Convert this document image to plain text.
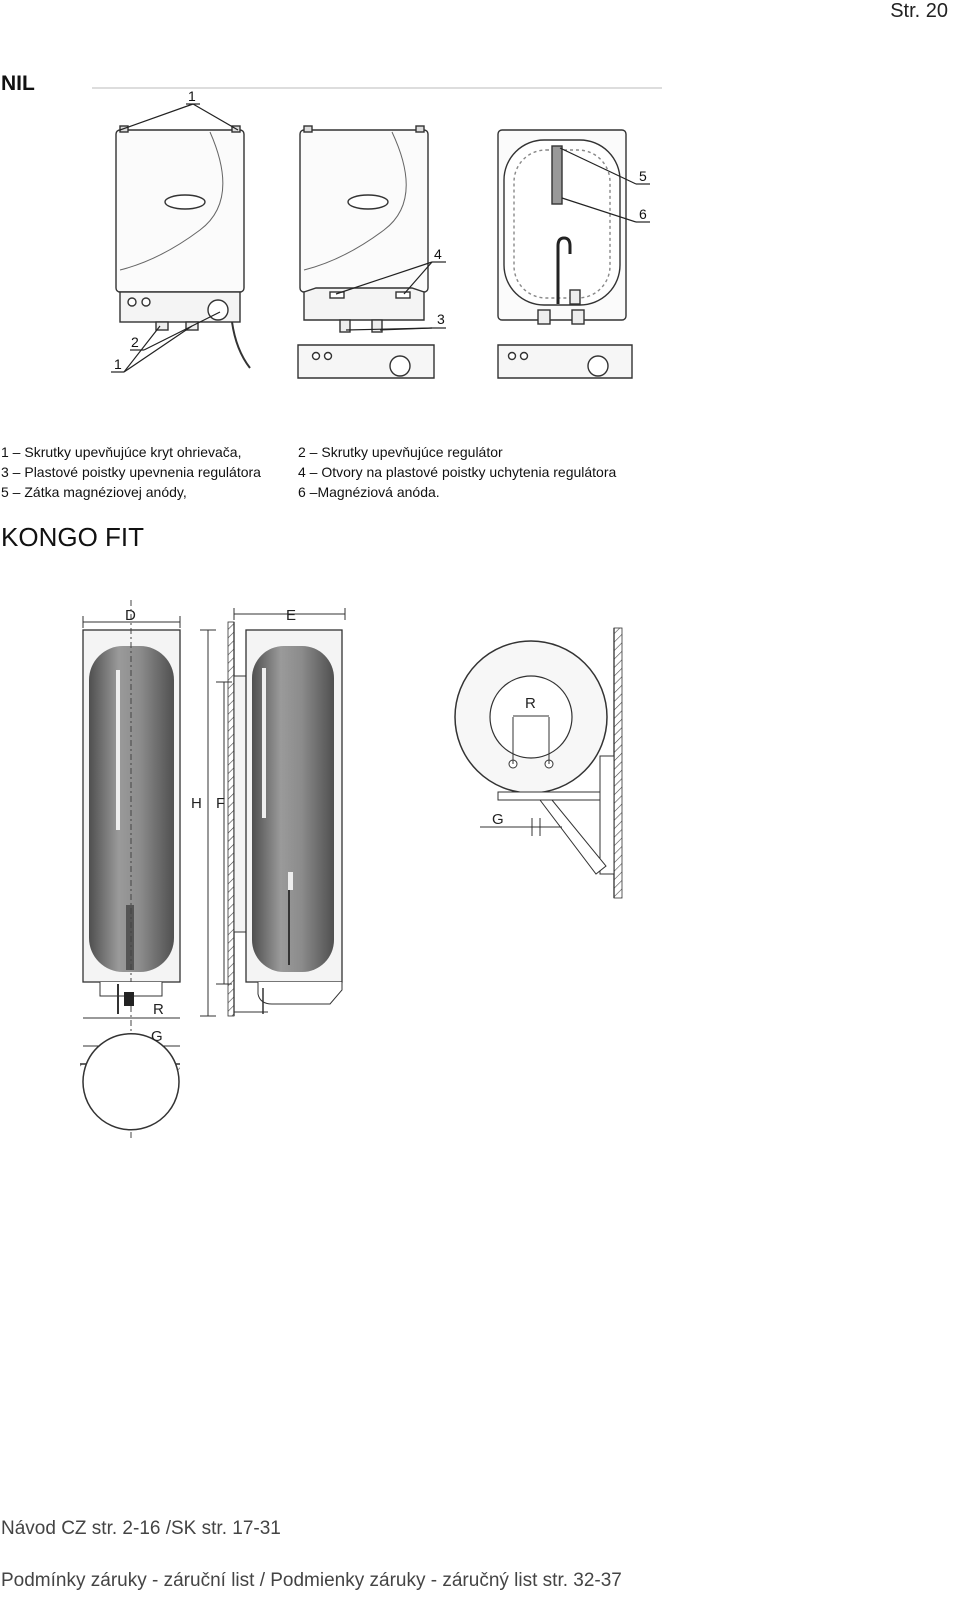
Str. 20
NIL
1
2
1
4
3
5
6
1 – Skrutky upevňujúce kryt ohrievača,
3 – Plastové poistky upevnenia regulátora
5 – Zátka magnéziovej anódy,
2 – Skrutky upevňujúce regulátor
4 – Otvory na plastové poistky uchytenia regulátora
6 –Magnéziová anóda.
KONGO FIT
D	E
H F
R
G
R
G
Návod CZ str. 2-16 /SK str. 17-31
Podmínky záruky - záruční list / Podmienky záruky - záručný list str. 32-37
